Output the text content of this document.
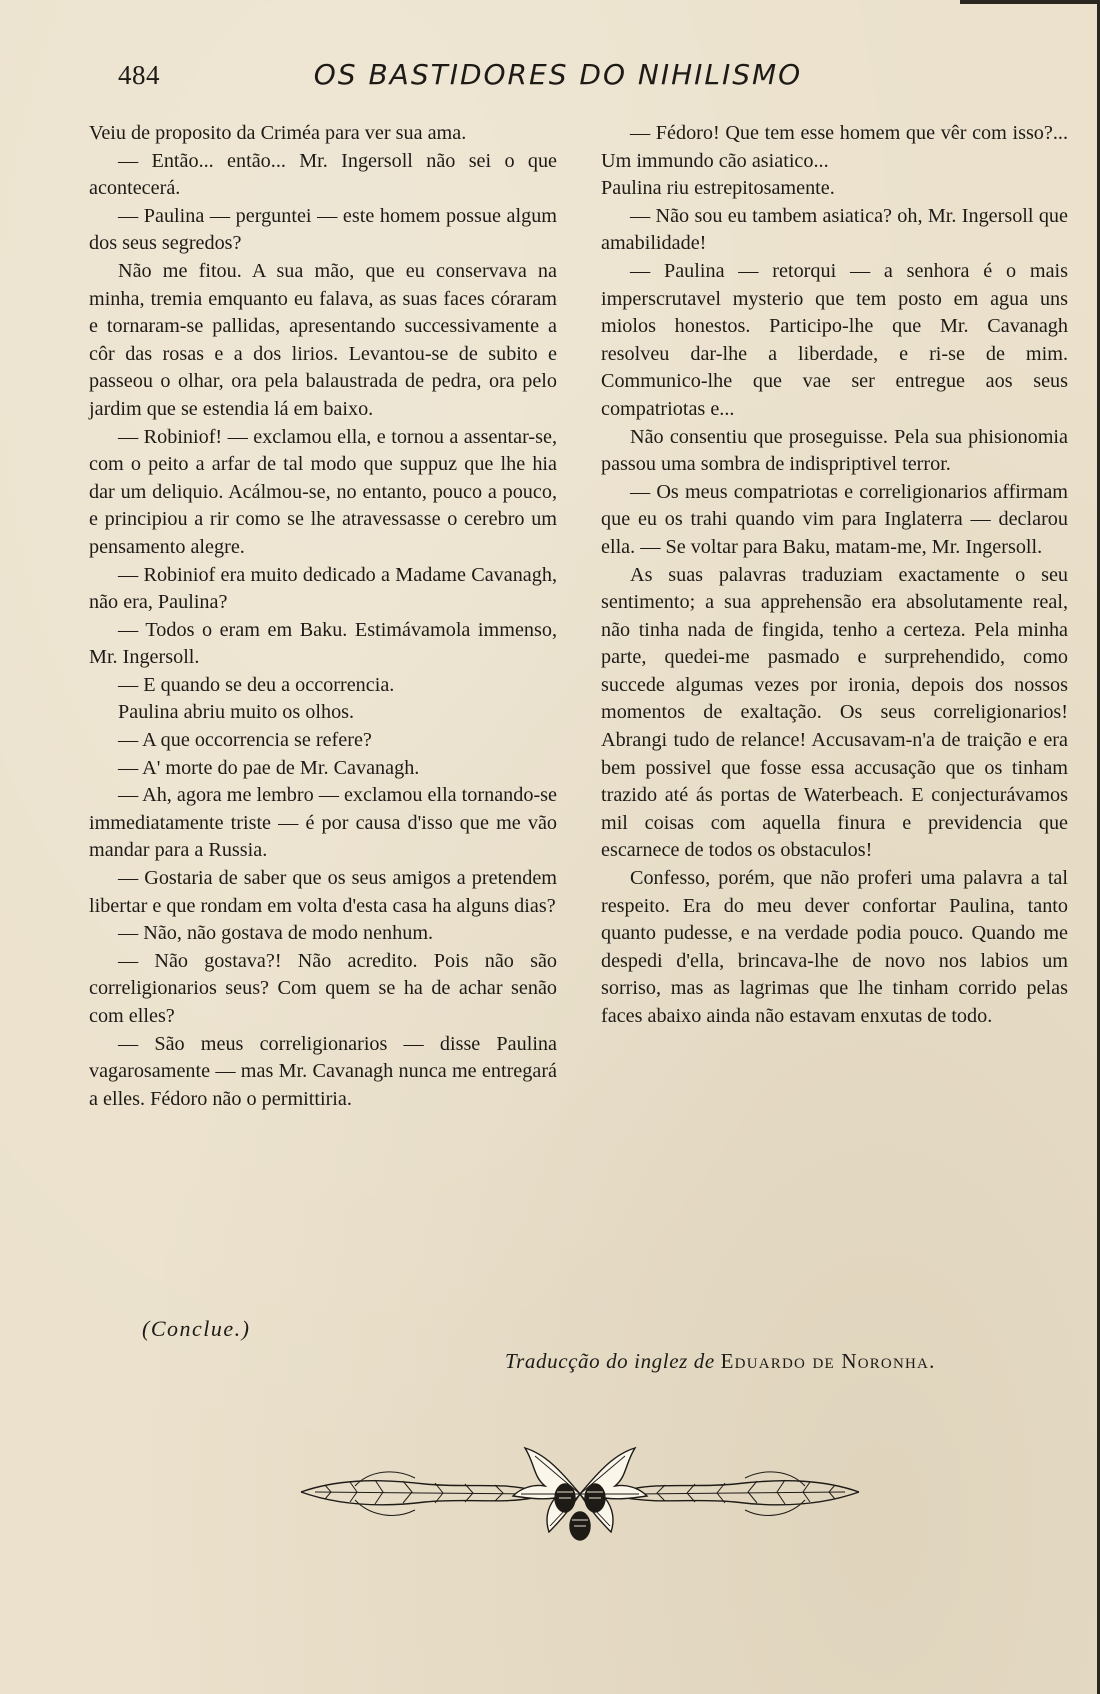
484	OS BASTIDORES DO NIHILISMO

Veiu de proposito da Criméa para ver sua ama.

— Então... então... Mr. Ingersoll não sei o que acontecerá.

— Paulina — perguntei — este homem possue algum dos seus segredos?

Não me fitou. A sua mão, que eu conservava na minha, tremia emquanto eu falava, as suas faces córaram e tornaram-se pallidas, apresentando successivamente a côr das rosas e a dos lirios. Levantou-se de subito e passeou o olhar, ora pela balaustrada de pedra, ora pelo jardim que se estendia lá em baixo.

— Robiniof! — exclamou ella, e tornou a assentar-se, com o peito a arfar de tal modo que suppuz que lhe hia dar um deliquio. Acálmou-se, no entanto, pouco a pouco, e principiou a rir como se lhe atravessasse o cerebro um pensamento alegre.

— Robiniof era muito dedicado a Madame Cavanagh, não era, Paulina?

— Todos o eram em Baku. Estimávamola immenso, Mr. Ingersoll.

— E quando se deu a occorrencia.

Paulina abriu muito os olhos.

— A que occorrencia se refere?

— A' morte do pae de Mr. Cavanagh.

— Ah, agora me lembro — exclamou ella tornando-se immediatamente triste — é por causa d'isso que me vão mandar para a Russia.

— Gostaria de saber que os seus amigos a pretendem libertar e que rondam em volta d'esta casa ha alguns dias?

— Não, não gostava de modo nenhum.

— Não gostava?! Não acredito. Pois não são correligionarios seus? Com quem se ha de achar senão com elles?

— São meus correligionarios — disse Paulina vagarosamente — mas Mr. Cavanagh nunca me entregará a elles. Fédoro não o permittiria.

— Fédoro! Que tem esse homem que vêr com isso?... Um immundo cão asiatico...

Paulina riu estrepitosamente.

— Não sou eu tambem asiatica? oh, Mr. Ingersoll que amabilidade!

— Paulina — retorqui — a senhora é o mais imperscrutavel mysterio que tem posto em agua uns miolos honestos. Participo-lhe que Mr. Cavanagh resolveu dar-lhe a liberdade, e ri-se de mim. Communico-lhe que vae ser entregue aos seus compatriotas e...

Não consentiu que proseguisse. Pela sua phisionomia passou uma sombra de indispriptivel terror.

— Os meus compatriotas e correligionarios affirmam que eu os trahi quando vim para Inglaterra — declarou ella. — Se voltar para Baku, matam-me, Mr. Ingersoll.

As suas palavras traduziam exactamente o seu sentimento; a sua apprehensão era absolutamente real, não tinha nada de fingida, tenho a certeza. Pela minha parte, quedei-me pasmado e surprehendido, como succede algumas vezes por ironia, depois dos nossos momentos de exaltação. Os seus correligionarios! Abrangi tudo de relance! Accusavam-n'a de traição e era bem possivel que fosse essa accusação que os tinham trazido até ás portas de Waterbeach. E conjecturávamos mil coisas com aquella finura e previdencia que escarnece de todos os obstaculos!

Confesso, porém, que não proferi uma palavra a tal respeito. Era do meu dever confortar Paulina, tanto quanto pudesse, e na verdade podia pouco. Quando me despedi d'ella, brincava-lhe de novo nos labios um sorriso, mas as lagrimas que lhe tinham corrido pelas faces abaixo ainda não estavam enxutas de todo.

(Conclue.)
Traducção do inglez de Eduardo de Noronha.
